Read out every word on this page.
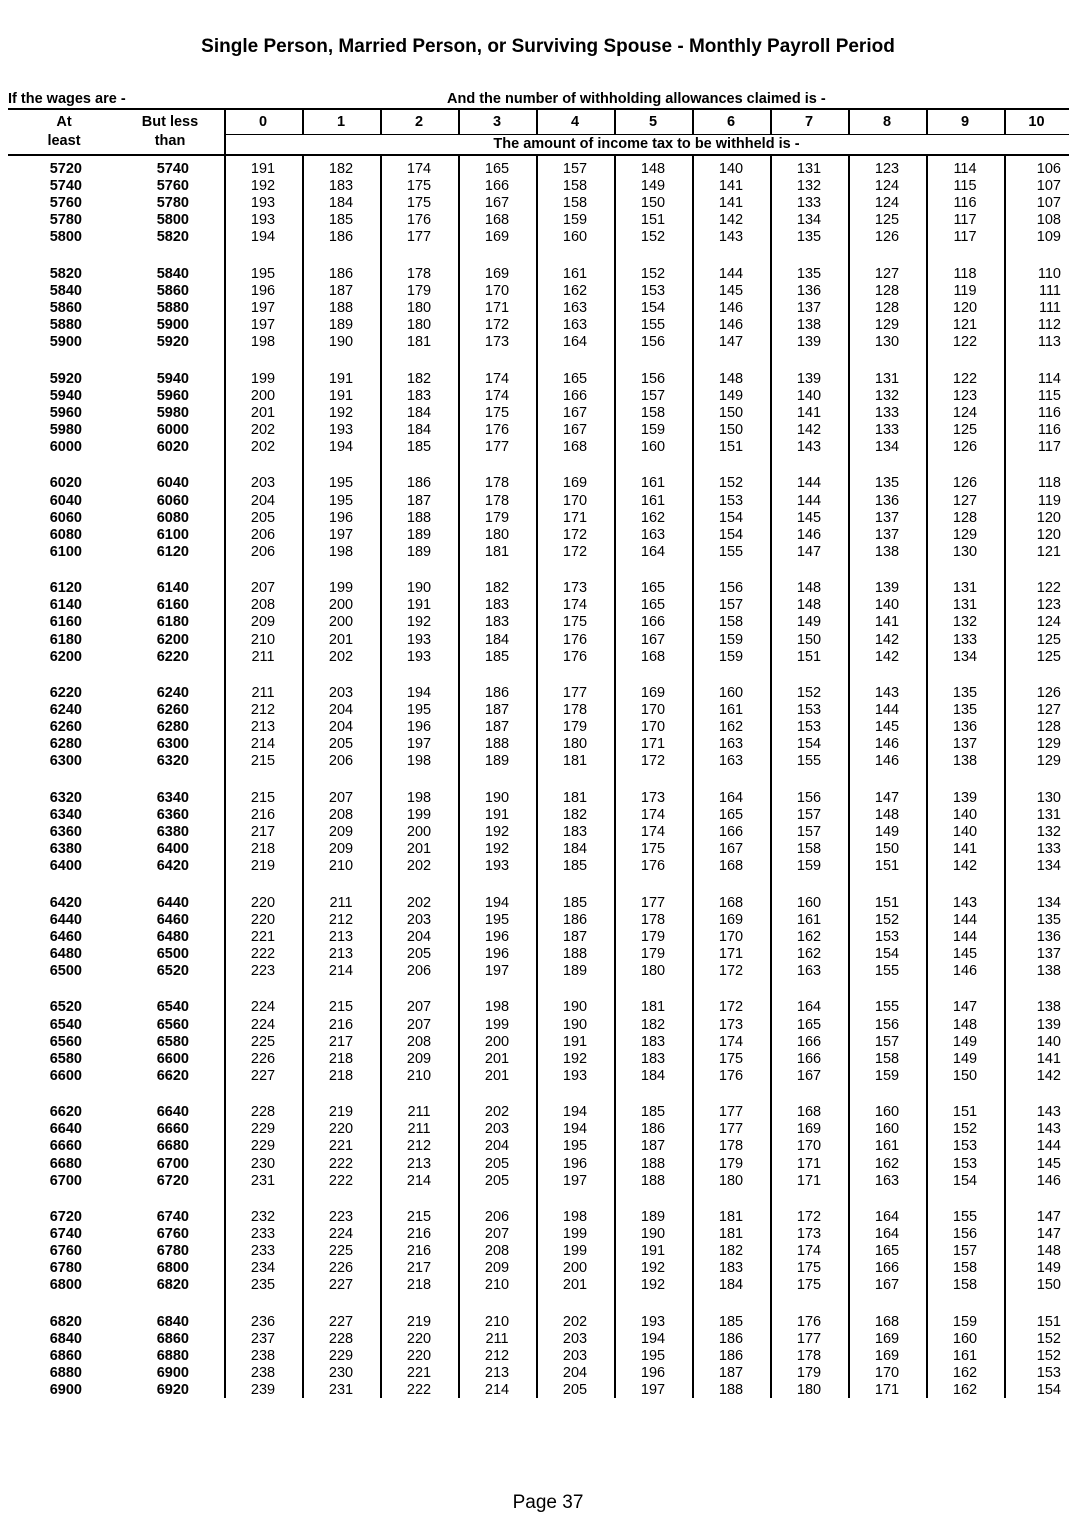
Single Person, Married Person, or Surviving Spouse - Monthly Payroll Period
If the wages are -	And the number of withholding allowances claimed is -
At
least
But less
than
0	1	2	3	4	5	6	7	8	9	10
The amount of income tax to be withheld is -
5720	5740	191	182	174	165	157	148	140	131	123	114	106
5740	5760	192	183	175	166	158	149	141	132	124	115	107
5760	5780	193	184	175	167	158	150	141	133	124	116	107
5780	5800	193	185	176	168	159	151	142	134	125	117	108
5800	5820	194	186	177	169	160	152	143	135	126	117	109
5820	5840	195	186	178	169	161	152	144	135	127	118	110
5840	5860	196	187	179	170	162	153	145	136	128	119	111
5860	5880	197	188	180	171	163	154	146	137	128	120	111
5880	5900	197	189	180	172	163	155	146	138	129	121	112
5900	5920	198	190	181	173	164	156	147	139	130	122	113
5920	5940	199	191	182	174	165	156	148	139	131	122	114
5940	5960	200	191	183	174	166	157	149	140	132	123	115
5960	5980	201	192	184	175	167	158	150	141	133	124	116
5980	6000	202	193	184	176	167	159	150	142	133	125	116
6000	6020	202	194	185	177	168	160	151	143	134	126	117
6020	6040	203	195	186	178	169	161	152	144	135	126	118
6040	6060	204	195	187	178	170	161	153	144	136	127	119
6060	6080	205	196	188	179	171	162	154	145	137	128	120
6080	6100	206	197	189	180	172	163	154	146	137	129	120
6100	6120	206	198	189	181	172	164	155	147	138	130	121
6120	6140	207	199	190	182	173	165	156	148	139	131	122
6140	6160	208	200	191	183	174	165	157	148	140	131	123
6160	6180	209	200	192	183	175	166	158	149	141	132	124
6180	6200	210	201	193	184	176	167	159	150	142	133	125
6200	6220	211	202	193	185	176	168	159	151	142	134	125
6220	6240	211	203	194	186	177	169	160	152	143	135	126
6240	6260	212	204	195	187	178	170	161	153	144	135	127
6260	6280	213	204	196	187	179	170	162	153	145	136	128
6280	6300	214	205	197	188	180	171	163	154	146	137	129
6300	6320	215	206	198	189	181	172	163	155	146	138	129
6320	6340	215	207	198	190	181	173	164	156	147	139	130
6340	6360	216	208	199	191	182	174	165	157	148	140	131
6360	6380	217	209	200	192	183	174	166	157	149	140	132
6380	6400	218	209	201	192	184	175	167	158	150	141	133
6400	6420	219	210	202	193	185	176	168	159	151	142	134
6420	6440	220	211	202	194	185	177	168	160	151	143	134
6440	6460	220	212	203	195	186	178	169	161	152	144	135
6460	6480	221	213	204	196	187	179	170	162	153	144	136
6480	6500	222	213	205	196	188	179	171	162	154	145	137
6500	6520	223	214	206	197	189	180	172	163	155	146	138
6520	6540	224	215	207	198	190	181	172	164	155	147	138
6540	6560	224	216	207	199	190	182	173	165	156	148	139
6560	6580	225	217	208	200	191	183	174	166	157	149	140
6580	6600	226	218	209	201	192	183	175	166	158	149	141
6600	6620	227	218	210	201	193	184	176	167	159	150	142
6620	6640	228	219	211	202	194	185	177	168	160	151	143
6640	6660	229	220	211	203	194	186	177	169	160	152	143
6660	6680	229	221	212	204	195	187	178	170	161	153	144
6680	6700	230	222	213	205	196	188	179	171	162	153	145
6700	6720	231	222	214	205	197	188	180	171	163	154	146
6720	6740	232	223	215	206	198	189	181	172	164	155	147
6740	6760	233	224	216	207	199	190	181	173	164	156	147
6760	6780	233	225	216	208	199	191	182	174	165	157	148
6780	6800	234	226	217	209	200	192	183	175	166	158	149
6800	6820	235	227	218	210	201	192	184	175	167	158	150
6820	6840	236	227	219	210	202	193	185	176	168	159	151
6840	6860	237	228	220	211	203	194	186	177	169	160	152
6860	6880	238	229	220	212	203	195	186	178	169	161	152
6880	6900	238	230	221	213	204	196	187	179	170	162	153
6900	6920	239	231	222	214	205	197	188	180	171	162	154
Page 37
